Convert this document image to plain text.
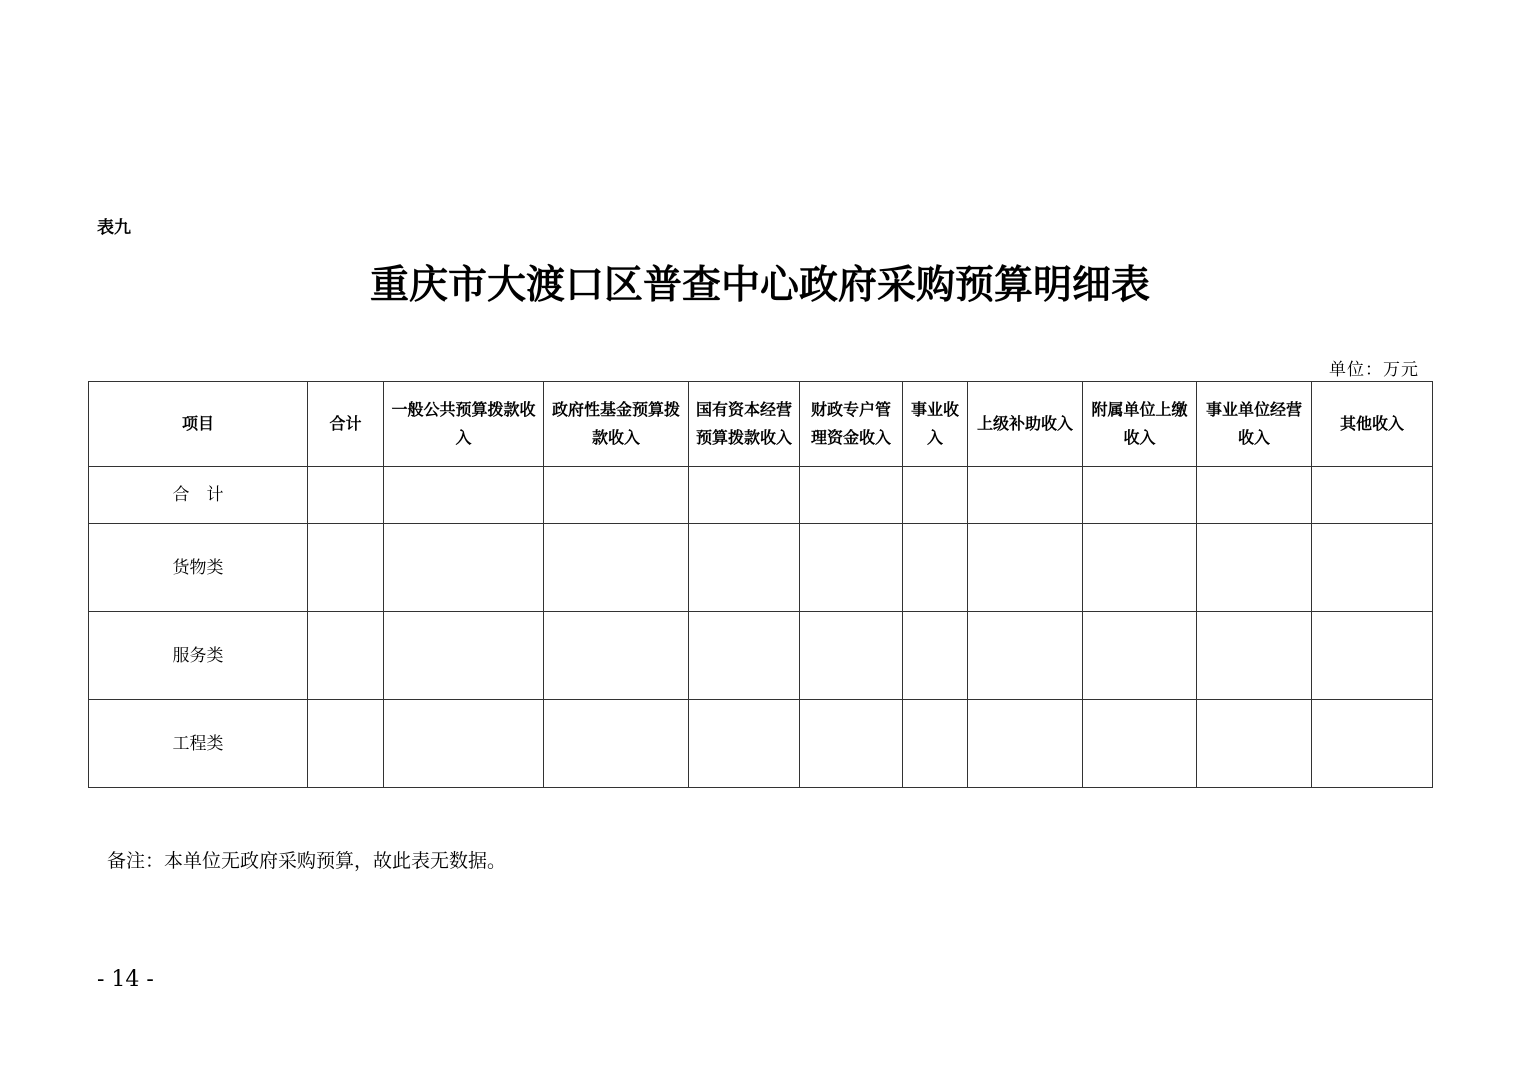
表九
重庆市大渡口区普查中心政府采购预算明细表
单位：万元
项目	合计	一般公共预算拨款收入	政府性基金预算拨款收入	国有资本经营预算拨款收入	财政专户管理资金收入	事业收入	上级补助收入	附属单位上缴收入	事业单位经营收入	其他收入
合　计										
货物类										
服务类										
工程类										
备注：本单位无政府采购预算，故此表无数据。
- 14 -
